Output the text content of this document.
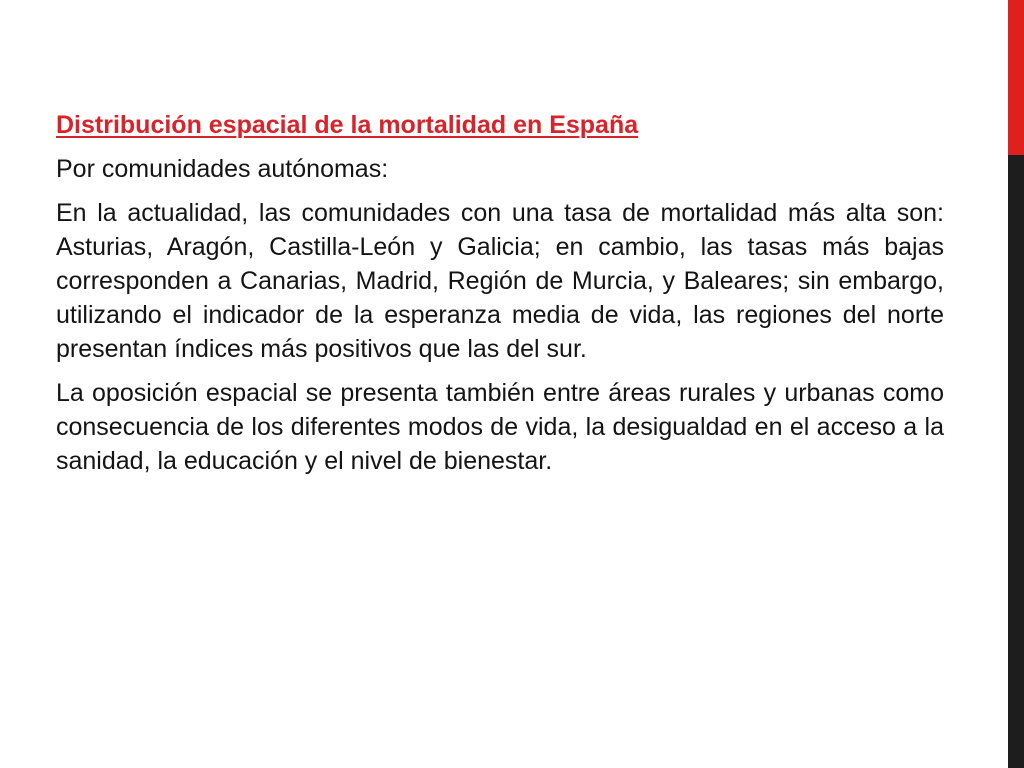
Distribución espacial de la mortalidad en España

Por comunidades autónomas:

En la actualidad, las comunidades con una tasa de mortalidad más alta son: Asturias, Aragón, Castilla-León y Galicia; en cambio, las tasas más bajas corresponden a Canarias, Madrid, Región de Murcia, y Baleares; sin embargo, utilizando el indicador de la esperanza media de vida, las regiones del norte presentan índices más positivos que las del sur.

La oposición espacial se presenta también entre áreas rurales y urbanas como consecuencia de los diferentes modos de vida, la desigualdad en el acceso a la sanidad, la educación y el nivel de bienestar.
